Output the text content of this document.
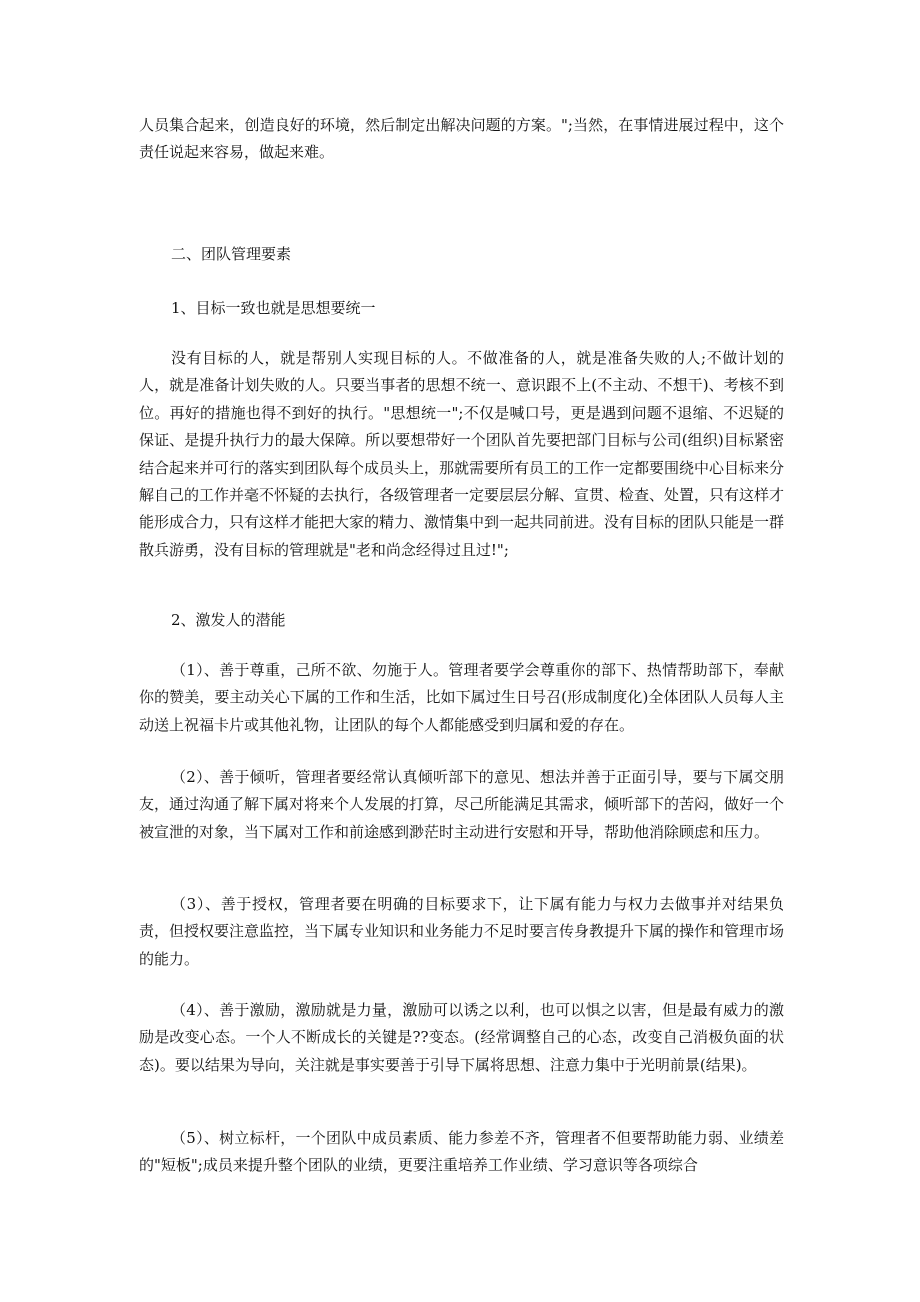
人员集合起来，创造良好的环境，然后制定出解决问题的方案。";当然，在事情进展过程中，这个责任说起来容易，做起来难。

二、团队管理要素
1、目标一致也就是思想要统一

没有目标的人，就是帮别人实现目标的人。不做准备的人，就是准备失败的人;不做计划的人，就是准备计划失败的人。只要当事者的思想不统一、意识跟不上(不主动、不想干)、考核不到位。再好的措施也得不到好的执行。"思想统一";不仅是喊口号，更是遇到问题不退缩、不迟疑的保证、是提升执行力的最大保障。所以要想带好一个团队首先要把部门目标与公司(组织)目标紧密结合起来并可行的落实到团队每个成员头上，那就需要所有员工的工作一定都要围绕中心目标来分解自己的工作并毫不怀疑的去执行，各级管理者一定要层层分解、宣贯、检查、处置，只有这样才能形成合力，只有这样才能把大家的精力、激情集中到一起共同前进。没有目标的团队只能是一群散兵游勇，没有目标的管理就是"老和尚念经得过且过!";

2、激发人的潜能

（1）、善于尊重，己所不欲、勿施于人。管理者要学会尊重你的部下、热情帮助部下，奉献你的赞美，要主动关心下属的工作和生活，比如下属过生日号召(形成制度化)全体团队人员每人主动送上祝福卡片或其他礼物，让团队的每个人都能感受到归属和爱的存在。

（2）、善于倾听，管理者要经常认真倾听部下的意见、想法并善于正面引导，要与下属交朋友，通过沟通了解下属对将来个人发展的打算，尽己所能满足其需求，倾听部下的苦闷，做好一个被宣泄的对象，当下属对工作和前途感到渺茫时主动进行安慰和开导，帮助他消除顾虑和压力。

（3）、善于授权，管理者要在明确的目标要求下，让下属有能力与权力去做事并对结果负责，但授权要注意监控，当下属专业知识和业务能力不足时要言传身教提升下属的操作和管理市场的能力。

（4）、善于激励，激励就是力量，激励可以诱之以利，也可以惧之以害，但是最有威力的激励是改变心态。一个人不断成长的关键是??变态。(经常调整自己的心态，改变自己消极负面的状态)。要以结果为导向，关注就是事实要善于引导下属将思想、注意力集中于光明前景(结果)。

（5）、树立标杆，一个团队中成员素质、能力参差不齐，管理者不但要帮助能力弱、业绩差的"短板";成员来提升整个团队的业绩，更要注重培养工作业绩、学习意识等各项综合
